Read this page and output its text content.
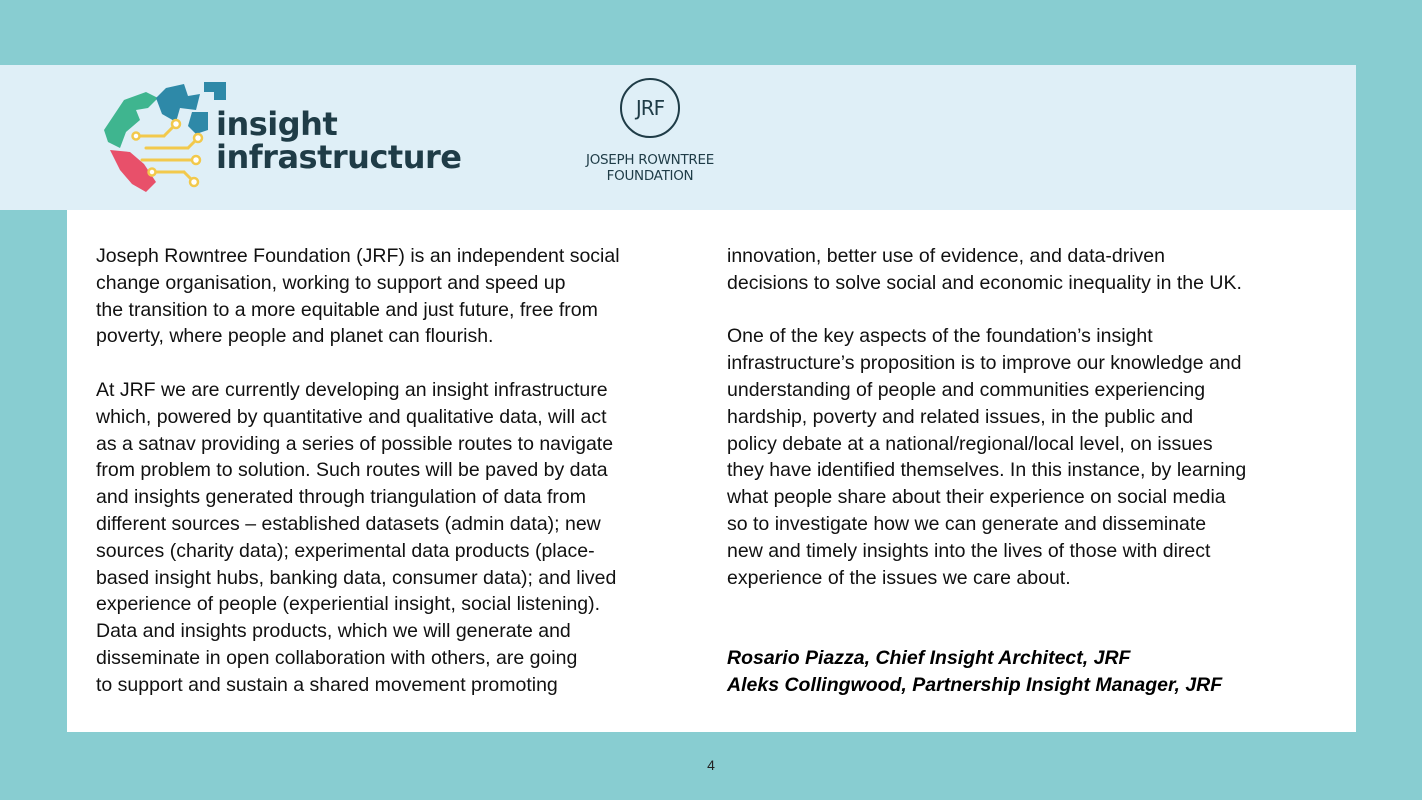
insight
infrastructure
JRF
JOSEPH ROWNTREE
FOUNDATION
Joseph Rowntree Foundation (JRF) is an independent social
change organisation, working to support and speed up
the transition to a more equitable and just future, free from
poverty, where people and planet can flourish.
At JRF we are currently developing an insight infrastructure
which, powered by quantitative and qualitative data, will act
as a satnav providing a series of possible routes to navigate
from problem to solution. Such routes will be paved by data
and insights generated through triangulation of data from
different sources – established datasets (admin data); new
sources (charity data); experimental data products (place-
based insight hubs, banking data, consumer data); and lived
experience of people (experiential insight, social listening).
Data and insights products, which we will generate and
disseminate in open collaboration with others, are going
to support and sustain a shared movement promoting
innovation, better use of evidence, and data-driven
decisions to solve social and economic inequality in the UK.
One of the key aspects of the foundation’s insight
infrastructure’s proposition is to improve our knowledge and
understanding of people and communities experiencing
hardship, poverty and related issues, in the public and
policy debate at a national/regional/local level, on issues
they have identified themselves. In this instance, by learning
what people share about their experience on social media
so to investigate how we can generate and disseminate
new and timely insights into the lives of those with direct
experience of the issues we care about.
Rosario Piazza, Chief Insight Architect, JRF
Aleks Collingwood, Partnership Insight Manager, JRF
4
